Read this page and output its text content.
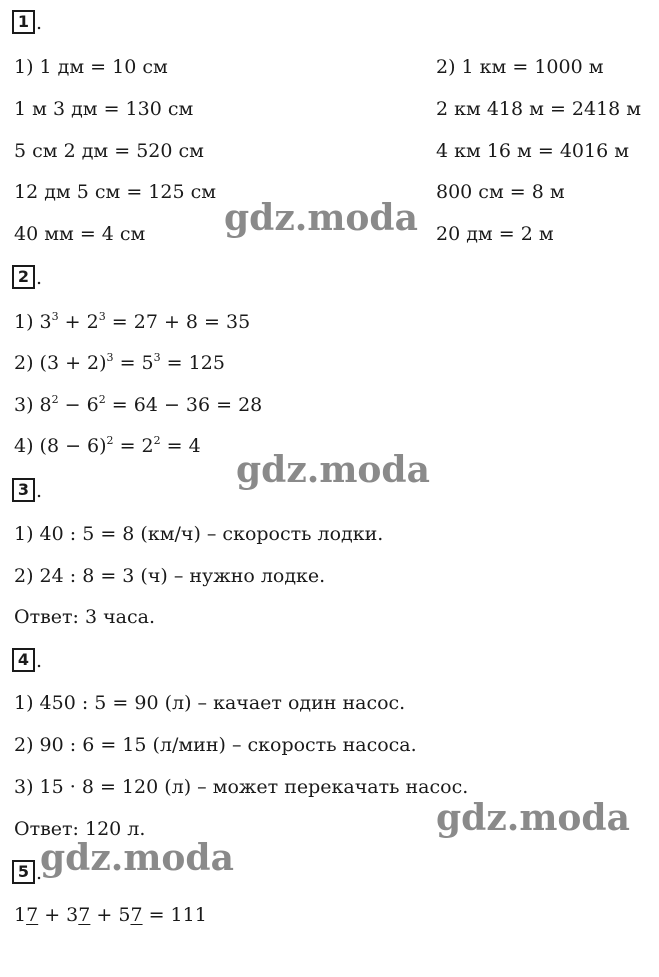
1 .
1) 1 дм = 10 см
1 м 3 дм = 130 см
5 см 2 дм = 520 см
12 дм 5 см = 125 см
40 мм = 4 см
2) 1 км = 1000 м
2 км 418 м = 2418 м
4 км 16 м = 4016 м
800 см = 8 м
20 дм = 2 м
2 .
1) $3^3 + 2^3 = 27 + 8 = 35$
2) $(3 + 2)^3 = 5^3 = 125$
3) $8^2 - 6^2 = 64 - 36 = 28$
4) $(8 - 6)^2 = 2^2 = 4$
3 .
1) 40 : 5 = 8 (км/ч) – скорость лодки.
2) 24 : 8 = 3 (ч) – нужно лодке.
Ответ: 3 часа.
4 .
1) 450 : 5 = 90 (л) – качает один насос.
2) 90 : 6 = 15 (л/мин) – скорость насоса.
3) 15 · 8 = 120 (л) – может перекачать насос.
Ответ: 120 л.
5 .
17 + 37 + 57 = 111
gdz.moda
gdz.moda
gdz.moda
gdz.moda
